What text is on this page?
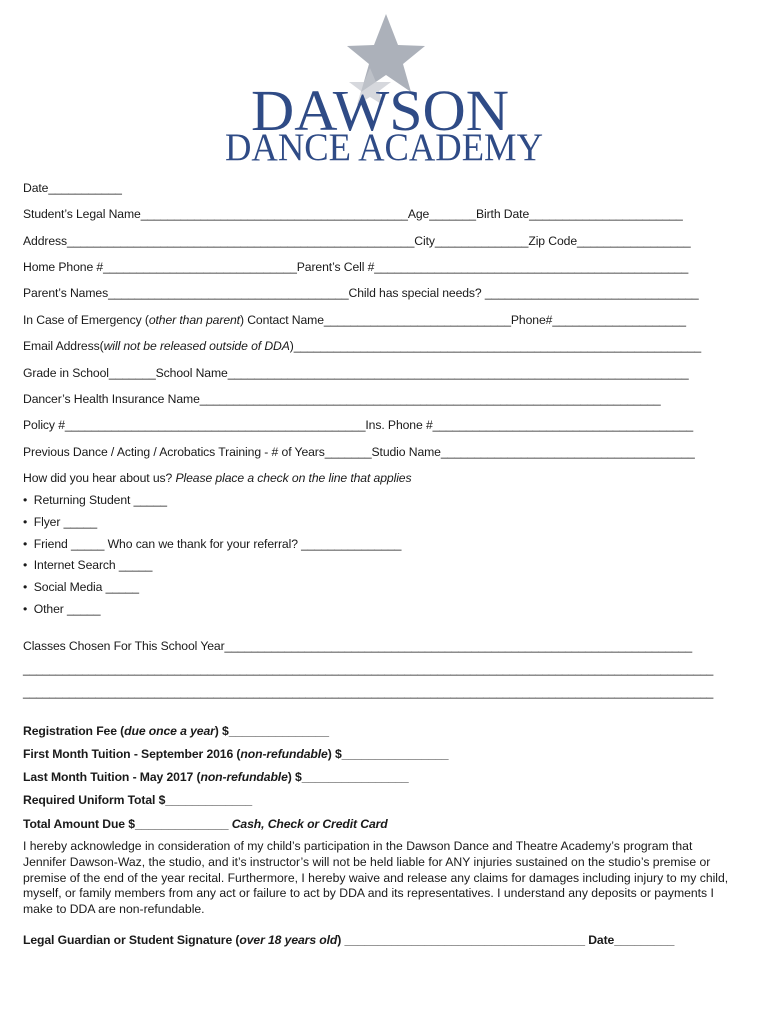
DAWSON
DANCE ACADEMY
Date___________
Student’s Legal Name________________________________________Age_______Birth Date_______________________
Address____________________________________________________City______________Zip Code_________________
Home Phone #_____________________________Parent’s Cell #_______________________________________________
Parent’s Names____________________________________Child has special needs? ________________________________
In Case of Emergency (other than parent) Contact Name____________________________Phone#____________________
Email Address(will not be released outside of DDA)_____________________________________________________________
Grade in School_______School Name_____________________________________________________________________
Dancer’s Health Insurance Name_____________________________________________________________________
Policy #_____________________________________________Ins. Phone #_______________________________________
Previous Dance / Acting / Acrobatics Training - # of Years_______Studio Name______________________________________
How did you hear about us? Please place a check on the line that applies
•  Returning Student _____
•  Flyer _____
•  Friend _____ Who can we thank for your referral? _______________
•  Internet Search _____
•  Social Media _____
•  Other _____
Classes Chosen For This School Year______________________________________________________________________
_________________________________________________________________________________________________________
_________________________________________________________________________________________________________
Registration Fee (due once a year) $_______________
First Month Tuition - September 2016 (non-refundable) $________________
Last Month Tuition - May 2017 (non-refundable) $________________
Required Uniform Total $_____________
Total Amount Due $______________ Cash, Check or Credit Card
I hereby acknowledge in consideration of my child’s participation in the Dawson Dance and Theatre Academy’s program that Jennifer Dawson-Waz, the studio, and it’s instructor’s will not be held liable for ANY injuries sustained on the studio’s premise or premise of the end of the year recital. Furthermore, I hereby waive and release any claims for damages including injury to my child, myself, or family members from any act or failure to act by DDA and its representatives. I understand any deposits or payments I make to DDA are non-refundable.
Legal Guardian or Student Signature (over 18 years old) ____________________________________ Date_________
